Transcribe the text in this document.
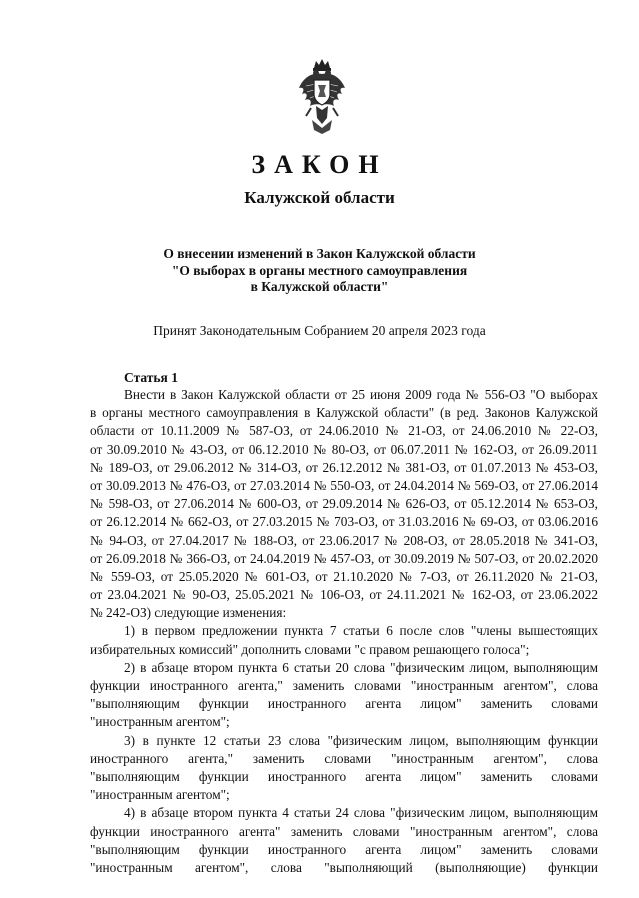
ЗАКОН
Калужской области
О внесении изменений в Закон Калужской области
"О выборах в органы местного самоуправления
в Калужской области"
Принят Законодательным Собранием 20 апреля 2023 года
Статья 1
Внести в Закон Калужской области от 25 июня 2009 года № 556-ОЗ "О выборах
в органы местного самоуправления в Калужской области" (в ред. Законов Калужской
области от 10.11.2009 № 587-ОЗ, от 24.06.2010 № 21-ОЗ, от 24.06.2010 № 22-ОЗ,
от 30.09.2010 № 43-ОЗ, от 06.12.2010 № 80-ОЗ, от 06.07.2011 № 162-ОЗ, от 26.09.2011
№ 189-ОЗ, от 29.06.2012 № 314-ОЗ, от 26.12.2012 № 381-ОЗ, от 01.07.2013 № 453-ОЗ,
от 30.09.2013 № 476-ОЗ, от 27.03.2014 № 550-ОЗ, от 24.04.2014 № 569-ОЗ, от 27.06.2014
№ 598-ОЗ, от 27.06.2014 № 600-ОЗ, от 29.09.2014 № 626-ОЗ, от 05.12.2014 № 653-ОЗ,
от 26.12.2014 № 662-ОЗ, от 27.03.2015 № 703-ОЗ, от 31.03.2016 № 69-ОЗ, от 03.06.2016
№ 94-ОЗ, от 27.04.2017 № 188-ОЗ, от 23.06.2017 № 208-ОЗ, от 28.05.2018 № 341-ОЗ,
от 26.09.2018 № 366-ОЗ, от 24.04.2019 № 457-ОЗ, от 30.09.2019 № 507-ОЗ, от 20.02.2020
№ 559-ОЗ, от 25.05.2020 № 601-ОЗ, от 21.10.2020 № 7-ОЗ, от 26.11.2020 № 21-ОЗ,
от 23.04.2021 № 90-ОЗ, 25.05.2021 № 106-ОЗ, от 24.11.2021 № 162-ОЗ, от 23.06.2022
№ 242-ОЗ) следующие изменения:
1) в первом предложении пункта 7 статьи 6 после слов "члены вышестоящих
избирательных комиссий" дополнить словами "с правом решающего голоса";
2) в абзаце втором пункта 6 статьи 20 слова "физическим лицом, выполняющим
функции иностранного агента," заменить словами "иностранным агентом", слова
"выполняющим функции иностранного агента лицом" заменить словами
"иностранным агентом";
3) в пункте 12 статьи 23 слова "физическим лицом, выполняющим функции
иностранного агента," заменить словами "иностранным агентом", слова
"выполняющим функции иностранного агента лицом" заменить словами
"иностранным агентом";
4) в абзаце втором пункта 4 статьи 24 слова "физическим лицом, выполняющим
функции иностранного агента" заменить словами "иностранным агентом", слова
"выполняющим функции иностранного агента лицом" заменить словами
"иностранным агентом", слова "выполняющий (выполняющие) функции
